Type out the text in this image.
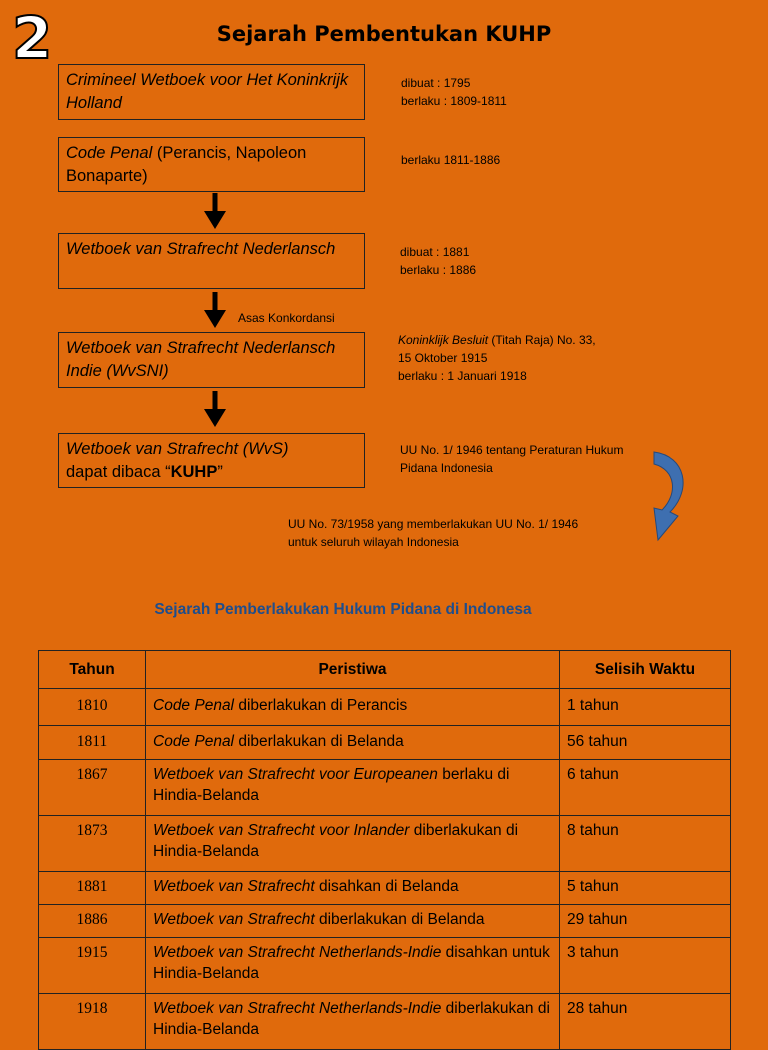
2	Sejarah Pembentukan KUHP
Crimineel Wetboek voor Het Koninkrijk Holland
Code Penal (Perancis, Napoleon Bonaparte)
Wetboek van Strafrecht Nederlansch
Wetboek van Strafrecht Nederlansch Indie (WvSNI)
Wetboek van Strafrecht (WvS)
dapat dibaca “KUHP”
dibuat : 1795
berlaku : 1809-1811
berlaku 1811-1886
dibuat : 1881
berlaku : 1886
Asas Konkordansi
Koninklijk Besluit (Titah Raja) No. 33,
15 Oktober 1915
berlaku : 1 Januari 1918
UU No. 1/ 1946 tentang Peraturan Hukum
Pidana Indonesia
UU No. 73/1958 yang memberlakukan UU No. 1/ 1946
untuk seluruh wilayah Indonesia
Sejarah Pemberlakukan Hukum Pidana di Indonesa
Tahun	Peristiwa	Selisih Waktu
1810	Code Penal diberlakukan di Perancis	1 tahun
1811	Code Penal diberlakukan di Belanda	56 tahun
1867	Wetboek van Strafrecht voor Europeanen berlaku di Hindia-Belanda	6 tahun
1873	Wetboek van Strafrecht voor Inlander diberlakukan di Hindia-Belanda	8 tahun
1881	Wetboek van Strafrecht disahkan di Belanda	5 tahun
1886	Wetboek van Strafrecht diberlakukan di Belanda	29 tahun
1915	Wetboek van Strafrecht Netherlands-Indie disahkan untuk Hindia-Belanda	3 tahun
1918	Wetboek van Strafrecht Netherlands-Indie diberlakukan di Hindia-Belanda	28 tahun
